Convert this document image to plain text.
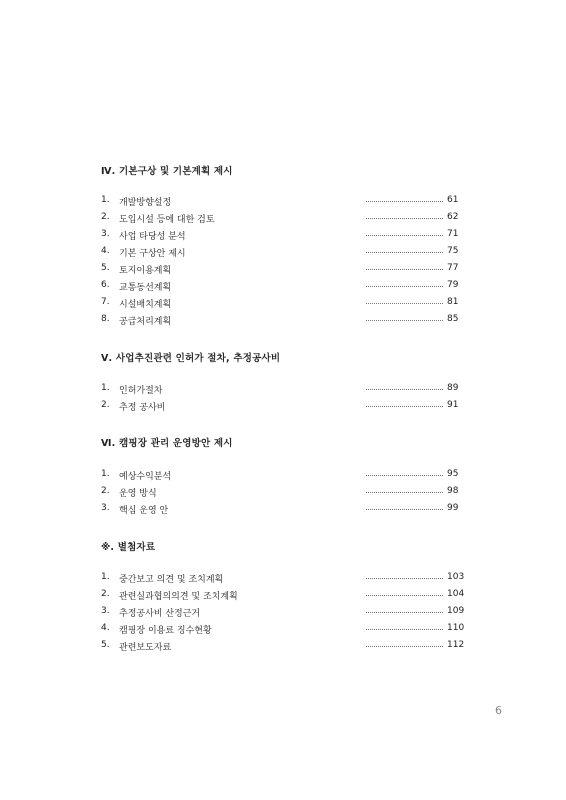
Ⅳ. 기본구상 및 기본계획 제시
1. 개발방향설정	61
2. 도입시설 등에 대한 검토	62
3. 사업 타당성 분석	71
4. 기본 구상안 제시	75
5. 토지이용계획	77
6. 교통동선계획	79
7. 시설배치계획	81
8. 공급처리계획	85
Ⅴ. 사업추진관련 인허가 절차, 추정공사비
1. 인허가절차	89
2. 추정 공사비	91
Ⅵ. 캠핑장 관리 운영방안 제시
1. 예상수익분석	95
2. 운영 방식	98
3. 핵심 운영 안	99
※. 별첨자료
1. 중간보고 의견 및 조치계획	103
2. 관련실과협의의견 및 조치계획	104
3. 추정공사비 산정근거	109
4. 캠핑장 이용료 징수현황	110
5. 관련보도자료	112
6
